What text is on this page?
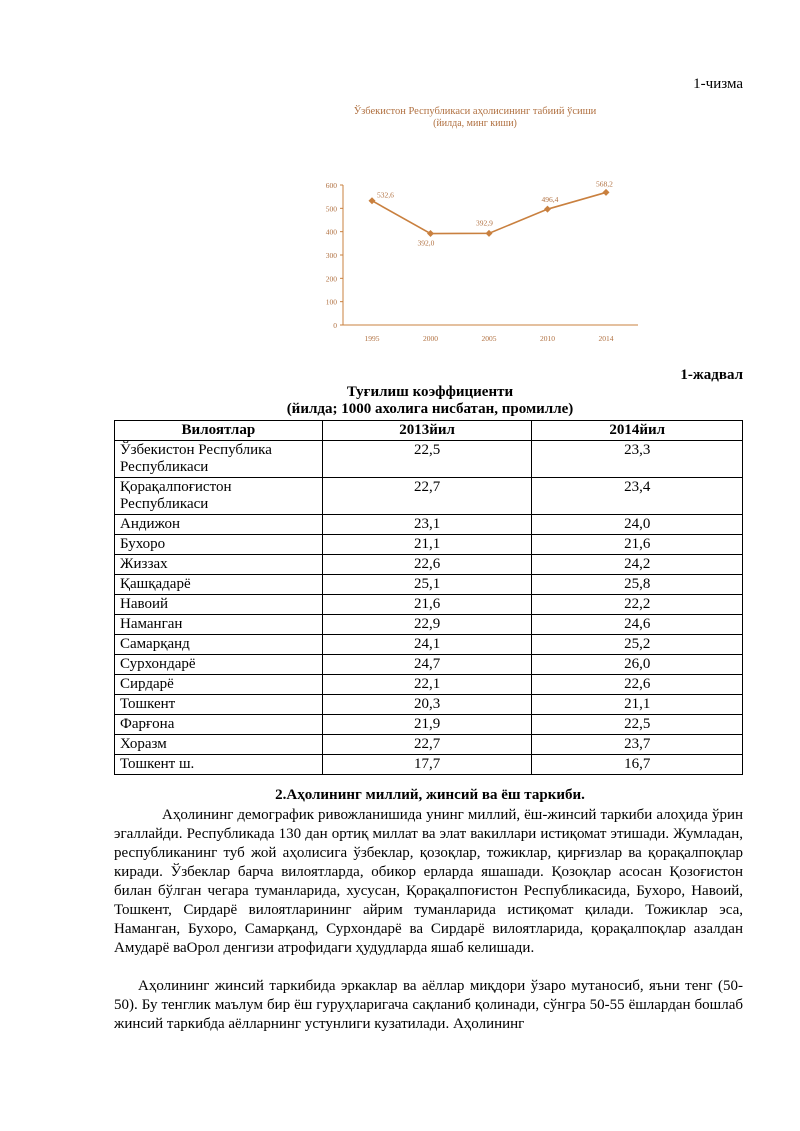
1-чизма
Ўзбекистон Республикаси аҳолисининг табиий ўсиши
(йилда, минг киши)
0
100
200
300
400
500
600
1995	2000	2005	2010	2014
532,6
392,0
392,9
496,4
568,2
1-жадвал
Туғилиш коэффициенти
(йилда; 1000 ахолига нисбатан, промилле)
Вилоятлар	2013йил	2014йил
Ўзбекистон Республика Республикаси	22,5	23,3
Қорақалпоғистон Республикаси	22,7	23,4
Андижон	23,1	24,0
Бухоро	21,1	21,6
Жиззах	22,6	24,2
Қашқадарё	25,1	25,8
Навоий	21,6	22,2
Наманган	22,9	24,6
Самарқанд	24,1	25,2
Сурхондарё	24,7	26,0
Сирдарё	22,1	22,6
Тошкент	20,3	21,1
Фарғона	21,9	22,5
Хоразм	22,7	23,7
Тошкент ш.	17,7	16,7
2.Аҳолининг миллий, жинсий ва ёш таркиби.
Аҳолининг демографик ривожланишида унинг миллий, ёш-жинсий таркиби алоҳида ўрин эгаллайди. Республикада 130 дан ортиқ миллат ва элат вакиллари истиқомат этишади. Жумладан, республиканинг туб жой аҳолисига ўзбеклар, қозоқлар, тожиклар, қирғизлар ва қорақалпоқлар киради. Ўзбеклар барча вилоятларда, обикор ерларда яшашади. Қозоқлар асосан Қозоғистон билан бўлган чегара туманларида, хусусан, Қорақалпоғистон Республикасида, Бухоро, Навоий, Тошкент, Сирдарё вилоятларининг айрим туманларида истиқомат қилади. Тожиклар эса, Наманган, Бухоро, Самарқанд, Сурхондарё ва Сирдарё вилоятларида, қорақалпоқлар азалдан Амударё ваОрол денгизи атрофидаги ҳудудларда яшаб келишади.
Аҳолининг жинсий таркибида эркаклар ва аёллар миқдори ўзаро мутаносиб, яъни тенг (50-50). Бу тенглик маълум бир ёш гуруҳларигача сақланиб қолинади, сўнгра 50-55 ёшлардан бошлаб жинсий таркибда аёлларнинг устунлиги кузатилади. Аҳолининг
